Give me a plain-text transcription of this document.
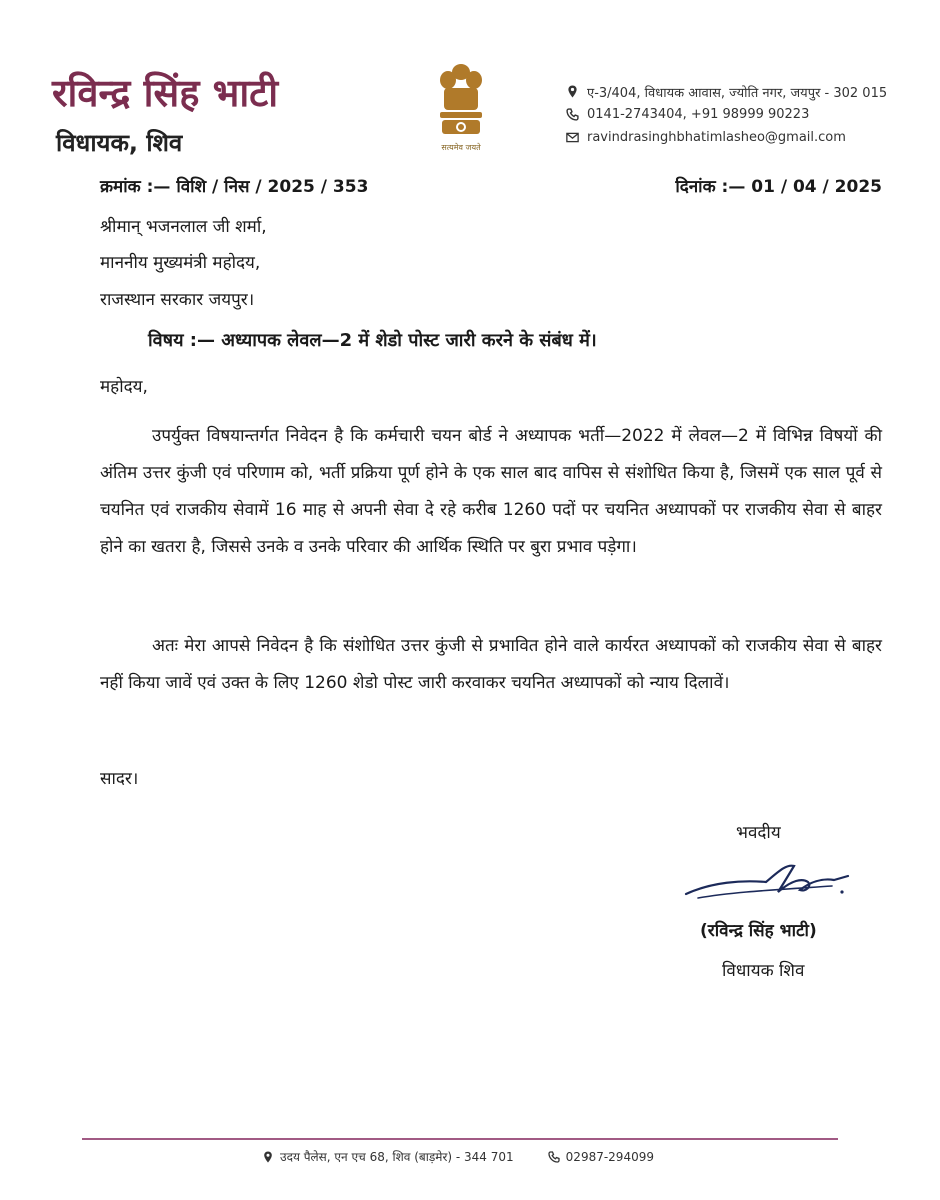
रविन्द्र सिंह भाटी
विधायक, शिव	सत्यमेव जयते
ए-3/404, विधायक आवास, ज्योति नगर, जयपुर - 302 015
0141-2743404, +91 98999 90223
ravindrasinghbhatimlasheo@gmail.com
क्रमांक :— विशि / निस / 2025 / 353	दिनांक :— 01 / 04 / 2025
श्रीमान् भजनलाल जी शर्मा,
माननीय मुख्यमंत्री महोदय,
राजस्थान सरकार जयपुर।
विषय :— अध्यापक लेवल—2 में शेडो पोस्ट जारी करने के संबंध में।
महोदय,
उपर्युक्त विषयान्तर्गत निवेदन है कि कर्मचारी चयन बोर्ड ने अध्यापक भर्ती—2022 में लेवल—2 में विभिन्न विषयों की अंतिम उत्तर कुंजी एवं परिणाम को, भर्ती प्रक्रिया पूर्ण होने के एक साल बाद वापिस से संशोधित किया है, जिसमें एक साल पूर्व से चयनित एवं राजकीय सेवामें 16 माह से अपनी सेवा दे रहे करीब 1260 पदों पर चयनित अध्यापकों पर राजकीय सेवा से बाहर होने का खतरा है, जिससे उनके व उनके परिवार की आर्थिक स्थिति पर बुरा प्रभाव पड़ेगा।
अतः मेरा आपसे निवेदन है कि संशोधित उत्तर कुंजी से प्रभावित होने वाले कार्यरत अध्यापकों को राजकीय सेवा से बाहर नहीं किया जावें एवं उक्त के लिए 1260 शेडो पोस्ट जारी करवाकर चयनित अध्यापकों को न्याय दिलावें।
सादर।
भवदीय
(रविन्द्र सिंह भाटी)
विधायक शिव
उदय पैलेस, एन एच 68, शिव (बाड़मेर) - 344 701	02987-294099
